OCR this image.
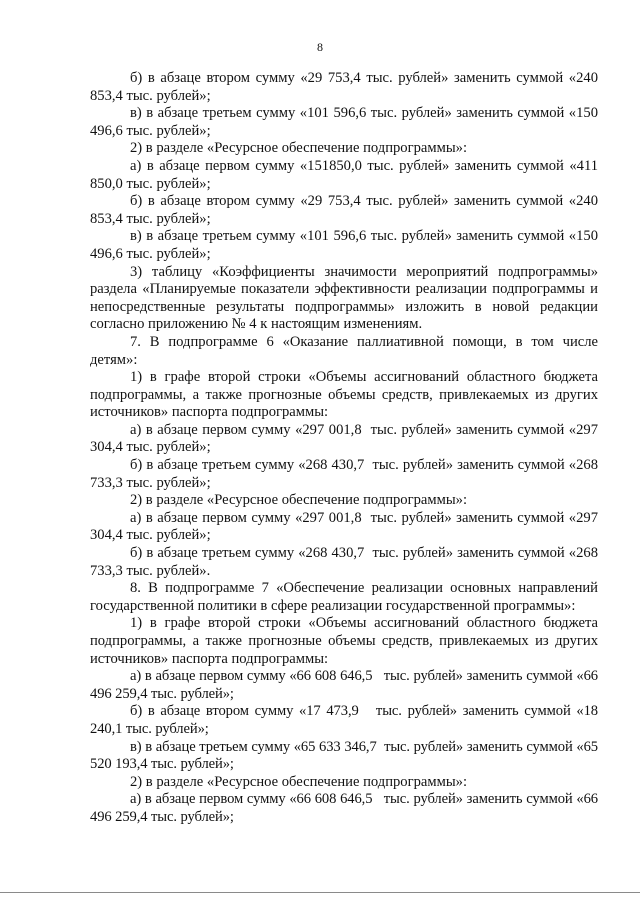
8

б) в абзаце втором сумму «29 753,4 тыс. рублей» заменить суммой «240 853,4 тыс. рублей»;

в) в абзаце третьем сумму «101 596,6 тыс. рублей» заменить суммой «150 496,6 тыс. рублей»;

2) в разделе «Ресурсное обеспечение подпрограммы»:

а) в абзаце первом сумму «151850,0 тыс. рублей» заменить суммой «411 850,0 тыс. рублей»;

б) в абзаце втором сумму «29 753,4 тыс. рублей» заменить суммой «240 853,4 тыс. рублей»;

в) в абзаце третьем сумму «101 596,6 тыс. рублей» заменить суммой «150 496,6 тыс. рублей»;

3) таблицу «Коэффициенты значимости мероприятий подпрограммы» раздела «Планируемые показатели эффективности реализации подпрограммы и непосредственные результаты подпрограммы» изложить в новой редакции согласно приложению № 4 к настоящим изменениям.

7. В подпрограмме 6 «Оказание паллиативной помощи, в том числе детям»:

1) в графе второй строки «Объемы ассигнований областного бюджета подпрограммы, а также прогнозные объемы средств, привлекаемых из других источников» паспорта подпрограммы:

а) в абзаце первом сумму «297 001,8  тыс. рублей» заменить суммой «297 304,4 тыс. рублей»;

б) в абзаце третьем сумму «268 430,7  тыс. рублей» заменить суммой «268 733,3 тыс. рублей»;

2) в разделе «Ресурсное обеспечение подпрограммы»:

а) в абзаце первом сумму «297 001,8  тыс. рублей» заменить суммой «297 304,4 тыс. рублей»;

б) в абзаце третьем сумму «268 430,7  тыс. рублей» заменить суммой «268 733,3 тыс. рублей».

8. В подпрограмме 7 «Обеспечение реализации основных направлений государственной политики в сфере реализации государственной программы»:

1) в графе второй строки «Объемы ассигнований областного бюджета подпрограммы, а также прогнозные объемы средств, привлекаемых из других источников» паспорта подпрограммы:

а) в абзаце первом сумму «66 608 646,5   тыс. рублей» заменить суммой «66 496 259,4 тыс. рублей»;

б) в абзаце втором сумму «17 473,9   тыс. рублей» заменить суммой «18 240,1 тыс. рублей»;

в) в абзаце третьем сумму «65 633 346,7  тыс. рублей» заменить суммой «65 520 193,4 тыс. рублей»;

2) в разделе «Ресурсное обеспечение подпрограммы»:

а) в абзаце первом сумму «66 608 646,5   тыс. рублей» заменить суммой «66 496 259,4 тыс. рублей»;
